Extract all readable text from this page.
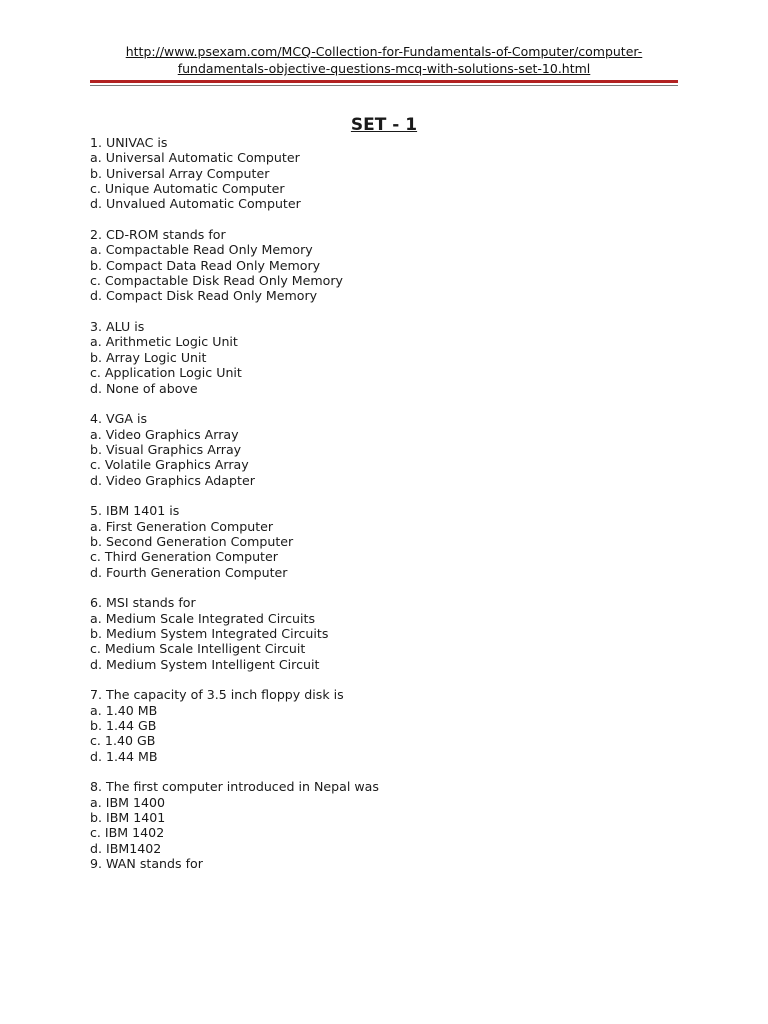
http://www.psexam.com/MCQ-Collection-for-Fundamentals-of-Computer/computer-
fundamentals-objective-questions-mcq-with-solutions-set-10.html
SET - 1
1. UNIVAC is
a. Universal Automatic Computer
b. Universal Array Computer
c. Unique Automatic Computer
d. Unvalued Automatic Computer
2. CD-ROM stands for
a. Compactable Read Only Memory
b. Compact Data Read Only Memory
c. Compactable Disk Read Only Memory
d. Compact Disk Read Only Memory
3. ALU is
a. Arithmetic Logic Unit
b. Array Logic Unit
c. Application Logic Unit
d. None of above
4. VGA is
a. Video Graphics Array
b. Visual Graphics Array
c. Volatile Graphics Array
d. Video Graphics Adapter
5. IBM 1401 is
a. First Generation Computer
b. Second Generation Computer
c. Third Generation Computer
d. Fourth Generation Computer
6. MSI stands for
a. Medium Scale Integrated Circuits
b. Medium System Integrated Circuits
c. Medium Scale Intelligent Circuit
d. Medium System Intelligent Circuit
7. The capacity of 3.5 inch floppy disk is
a. 1.40 MB
b. 1.44 GB
c. 1.40 GB
d. 1.44 MB
8. The first computer introduced in Nepal was
a. IBM 1400
b. IBM 1401
c. IBM 1402
d. IBM1402
9. WAN stands for
